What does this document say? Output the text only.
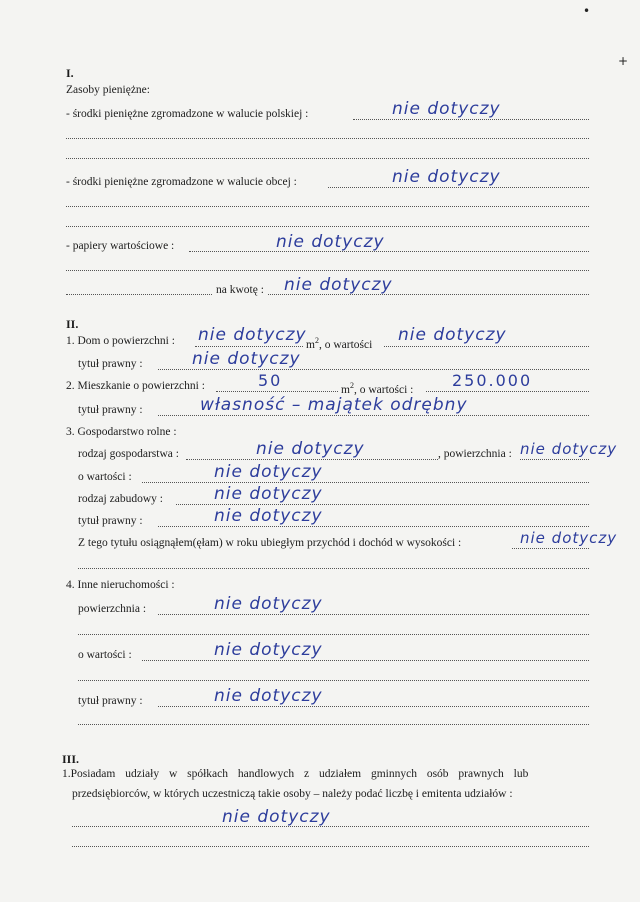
•
+
I.
Zasoby pieniężne:
- środki pieniężne zgromadzone w walucie polskiej :	nie dotyczy
- środki pieniężne zgromadzone w walucie obcej :	nie dotyczy
- papiery wartościowe :	nie dotyczy
na kwotę : nie dotyczy
II.
1. Dom o powierzchni : nie dotyczy $m^2$, o wartości nie dotyczy
tytuł prawny :	nie dotyczy
2. Mieszkanie o powierzchni :	50	$m^2$, o wartości : 250.000
tytuł prawny :	własność – majątek odrębny
3. Gospodarstwo rolne :
rodzaj gospodarstwa :	nie dotyczy	, powierzchnia : nie dotyczy
o wartości :	nie dotyczy
rodzaj zabudowy :	nie dotyczy
tytuł prawny :	nie dotyczy
Z tego tytułu osiągnąłem(ęłam) w roku ubiegłym przychód i dochód w wysokości :	nie dotyczy
4. Inne nieruchomości :
powierzchnia :	nie dotyczy
o wartości :	nie dotyczy
tytuł prawny :	nie dotyczy
III.
1.Posiadam udziały w spółkach handlowych z udziałem gminnych osób prawnych lub
przedsiębiorców, w których uczestniczą takie osoby – należy podać liczbę i emitenta udziałów :
nie dotyczy
